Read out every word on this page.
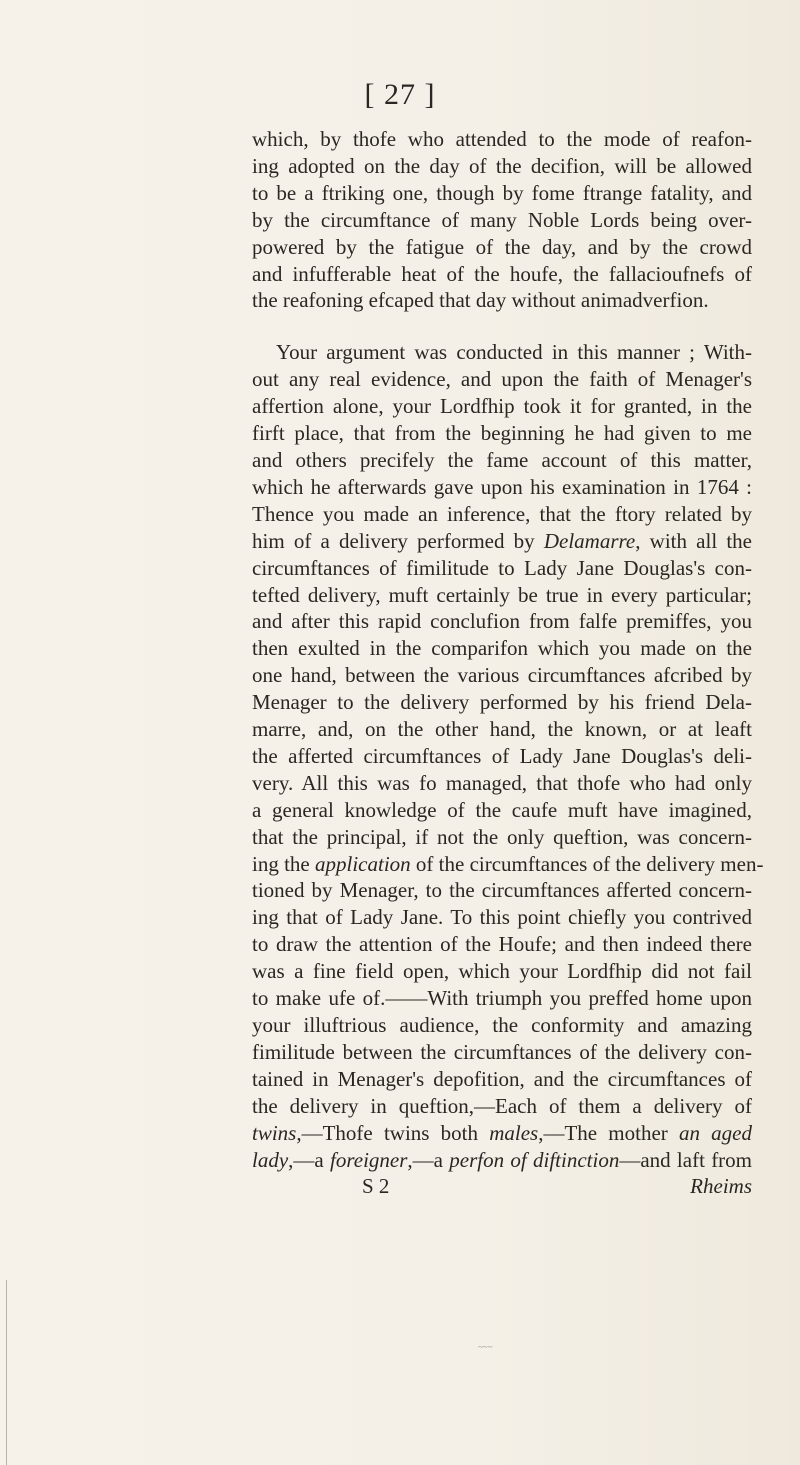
[ 27 ]
which, by thofe who attended to the mode of reafon-
ing adopted on the day of the decifion, will be allowed
to be a ftriking one, though by fome ftrange fatality, and
by the circumftance of many Noble Lords being over-
powered by the fatigue of the day, and by the crowd
and infufferable heat of the houfe, the fallacioufnefs of
the reafoning efcaped that day without animadverfion.
Your argument was conducted in this manner ; With-
out any real evidence, and upon the faith of Menager's
affertion alone, your Lordfhip took it for granted, in the
firft place, that from the beginning he had given to me
and others precifely the fame account of this matter,
which he afterwards gave upon his examination in 1764 :
Thence you made an inference, that the ftory related by
him of a delivery performed by Delamarre, with all the
circumftances of fimilitude to Lady Jane Douglas's con-
tefted delivery, muft certainly be true in every particular;
and after this rapid conclufion from falfe premiffes, you
then exulted in the comparifon which you made on the
one hand, between the various circumftances afcribed by
Menager to the delivery performed by his friend Dela-
marre, and, on the other hand, the known, or at leaft
the afferted circumftances of Lady Jane Douglas's deli-
very. All this was fo managed, that thofe who had only
a general knowledge of the caufe muft have imagined,
that the principal, if not the only queftion, was concern-
ing the application of the circumftances of the delivery men-
tioned by Menager, to the circumftances afferted concern-
ing that of Lady Jane. To this point chiefly you contrived
to draw the attention of the Houfe; and then indeed there
was a fine field open, which your Lordfhip did not fail
to make ufe of.——With triumph you preffed home upon
your illuftrious audience, the conformity and amazing
fimilitude between the circumftances of the delivery con-
tained in Menager's depofition, and the circumftances of
the delivery in queftion,—Each of them a delivery of
twins,—Thofe twins both males,—The mother an aged
lady,—a foreigner,—a perfon of diftinction—and laft from
S 2	Rheims
~~~
